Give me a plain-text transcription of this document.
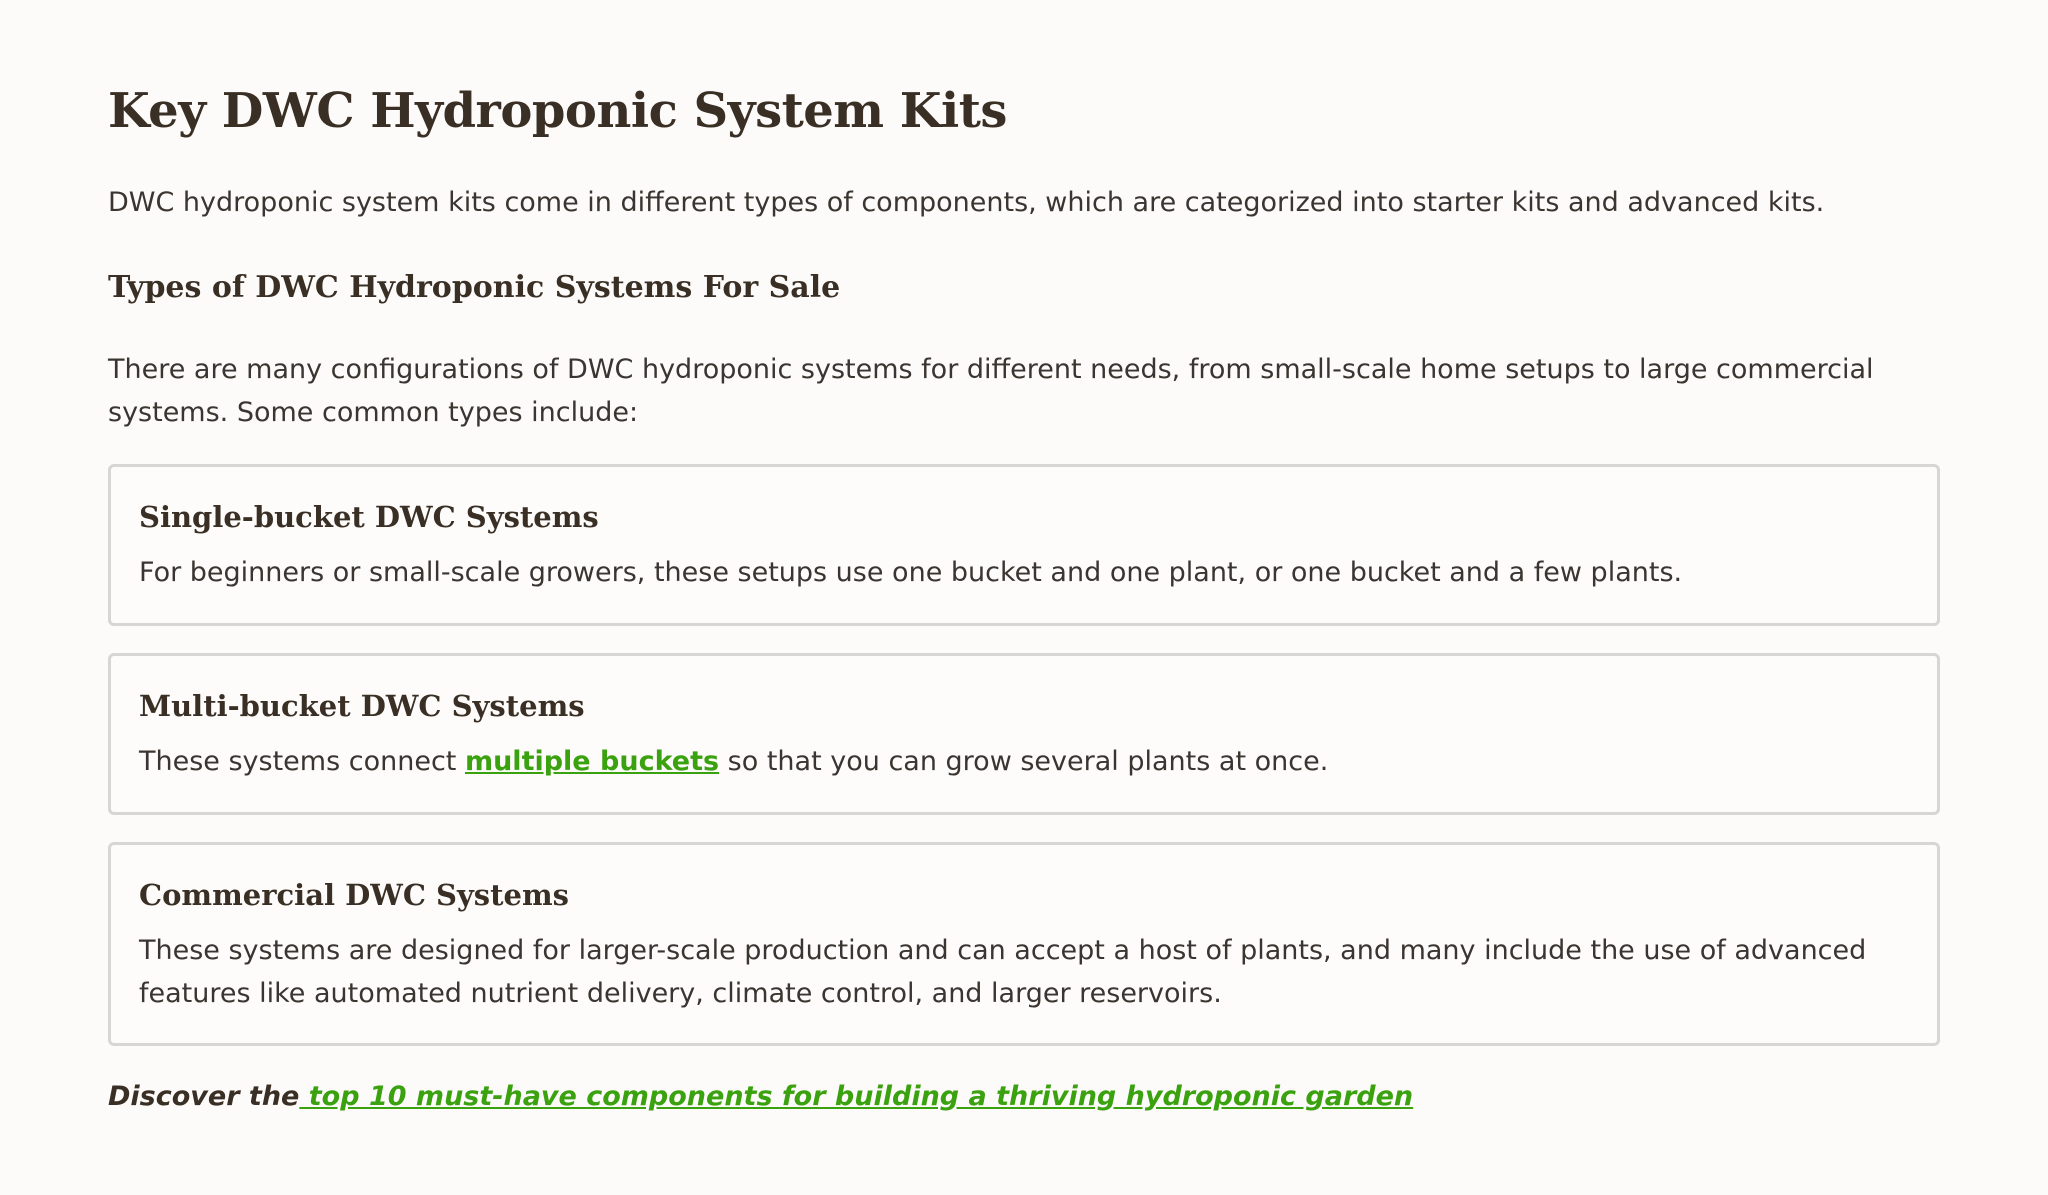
Key DWC Hydroponic System Kits

DWC hydroponic system kits come in different types of components, which are categorized into starter kits and advanced kits.

Types of DWC Hydroponic Systems For Sale

There are many configurations of DWC hydroponic systems for different needs, from small-scale home setups to large commercial systems. Some common types include:

Single-bucket DWC Systems

For beginners or small-scale growers, these setups use one bucket and one plant, or one bucket and a few plants.

Multi-bucket DWC Systems

These systems connect multiple buckets so that you can grow several plants at once.

Commercial DWC Systems

These systems are designed for larger-scale production and can accept a host of plants, and many include the use of advanced features like automated nutrient delivery, climate control, and larger reservoirs.

Discover the top 10 must-have components for building a thriving hydroponic garden
